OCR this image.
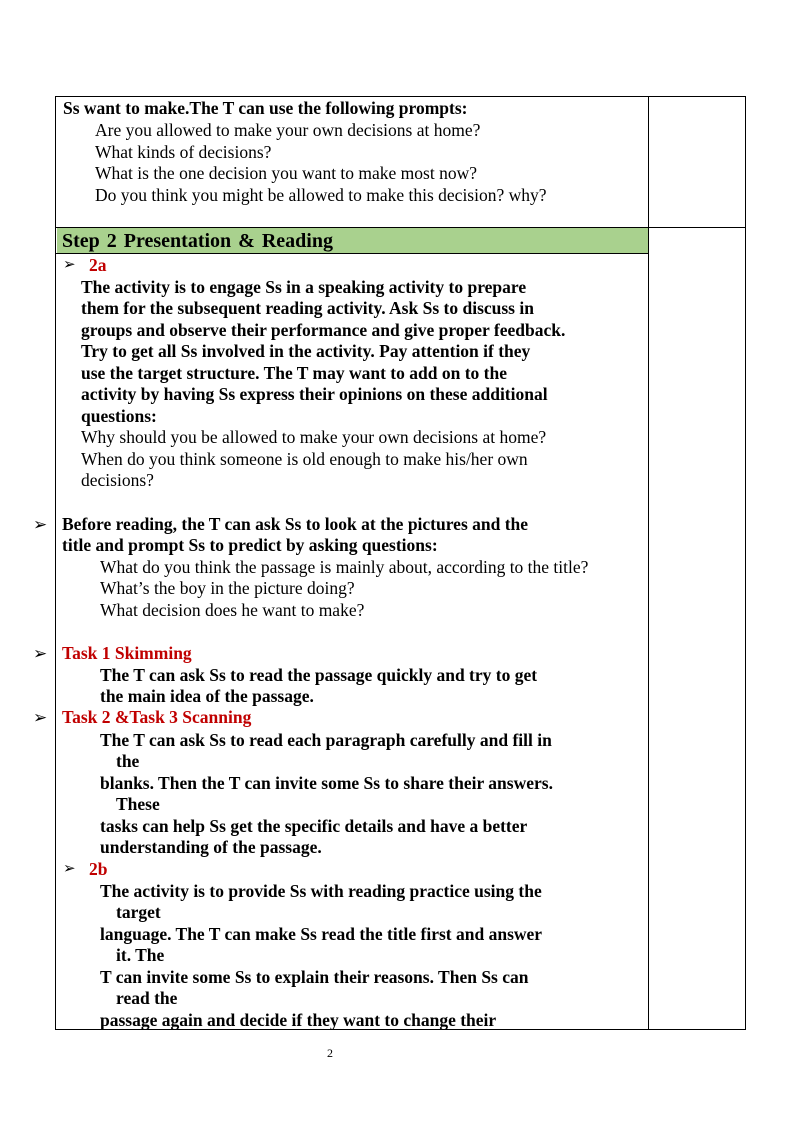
Ss want to make.The T can use the following prompts:
Are you allowed to make your own decisions at home?
What kinds of decisions?
What is the one decision you want to make most now?
Do you think you might be allowed to make this decision? why?
Step 2 Presentation & Reading
➢ 2a
The activity is to engage Ss in a speaking activity to prepare
them for the subsequent reading activity. Ask Ss to discuss in
groups and observe their performance and give proper feedback.
Try to get all Ss involved in the activity. Pay attention if they
use the target structure. The T may want to add on to the
activity by having Ss express their opinions on these additional
questions:
Why should you be allowed to make your own decisions at home?
When do you think someone is old enough to make his/her own
decisions?
➢ Before reading, the T can ask Ss to look at the pictures and the
title and prompt Ss to predict by asking questions:
What do you think the passage is mainly about, according to the title?
What’s the boy in the picture doing?
What decision does he want to make?
➢ Task 1 Skimming
The T can ask Ss to read the passage quickly and try to get
the main idea of the passage.
➢ Task 2 &Task 3 Scanning
The T can ask Ss to read each paragraph carefully and fill in
the
blanks. Then the T can invite some Ss to share their answers.
These
tasks can help Ss get the specific details and have a better
understanding of the passage.
➢ 2b
The activity is to provide Ss with reading practice using the
target
language. The T can make Ss read the title first and answer
it. The
T can invite some Ss to explain their reasons. Then Ss can
read the
passage again and decide if they want to change their
2
